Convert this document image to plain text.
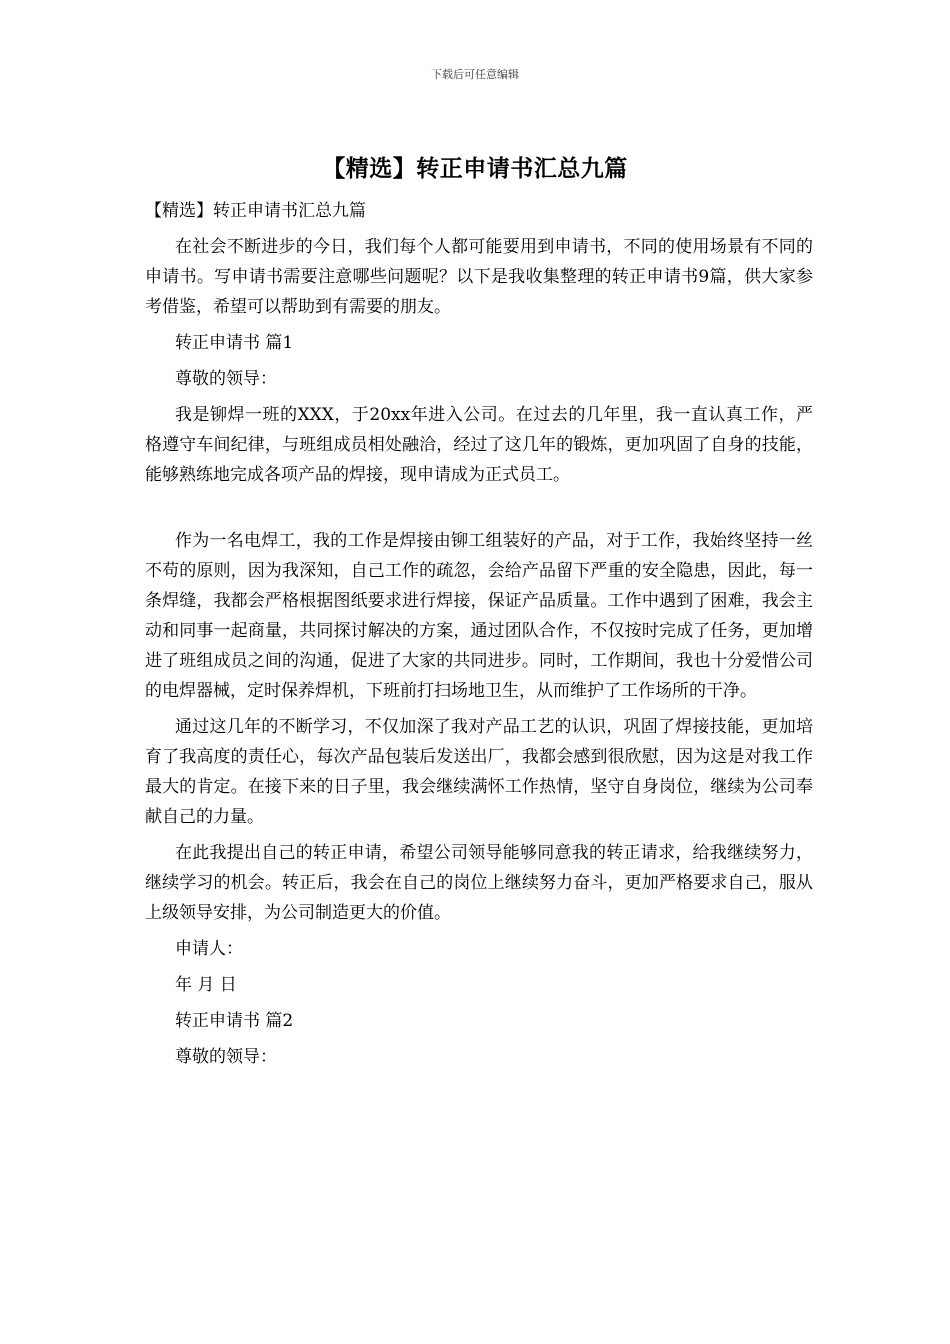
下载后可任意编辑
【精选】转正申请书汇总九篇

【精选】转正申请书汇总九篇

在社会不断进步的今日，我们每个人都可能要用到申请书，不同的使用场景有不同的申请书。写申请书需要注意哪些问题呢？以下是我收集整理的转正申请书9篇，供大家参考借鉴，希望可以帮助到有需要的朋友。

转正申请书 篇1

尊敬的领导：

我是铆焊一班的XXX，于20xx年进入公司。在过去的几年里，我一直认真工作，严格遵守车间纪律，与班组成员相处融洽，经过了这几年的锻炼，更加巩固了自身的技能，能够熟练地完成各项产品的焊接，现申请成为正式员工。

作为一名电焊工，我的工作是焊接由铆工组装好的产品，对于工作，我始终坚持一丝不苟的原则，因为我深知，自己工作的疏忽，会给产品留下严重的安全隐患，因此，每一条焊缝，我都会严格根据图纸要求进行焊接，保证产品质量。工作中遇到了困难，我会主动和同事一起商量，共同探讨解决的方案，通过团队合作，不仅按时完成了任务，更加增进了班组成员之间的沟通，促进了大家的共同进步。同时，工作期间，我也十分爱惜公司的电焊器械，定时保养焊机，下班前打扫场地卫生，从而维护了工作场所的干净。

通过这几年的不断学习，不仅加深了我对产品工艺的认识，巩固了焊接技能，更加培育了我高度的责任心，每次产品包装后发送出厂，我都会感到很欣慰，因为这是对我工作最大的肯定。在接下来的日子里，我会继续满怀工作热情，坚守自身岗位，继续为公司奉献自己的力量。

在此我提出自己的转正申请，希望公司领导能够同意我的转正请求，给我继续努力，继续学习的机会。转正后，我会在自己的岗位上继续努力奋斗，更加严格要求自己，服从上级领导安排，为公司制造更大的价值。

申请人：

年 月 日

转正申请书 篇2

尊敬的领导：
